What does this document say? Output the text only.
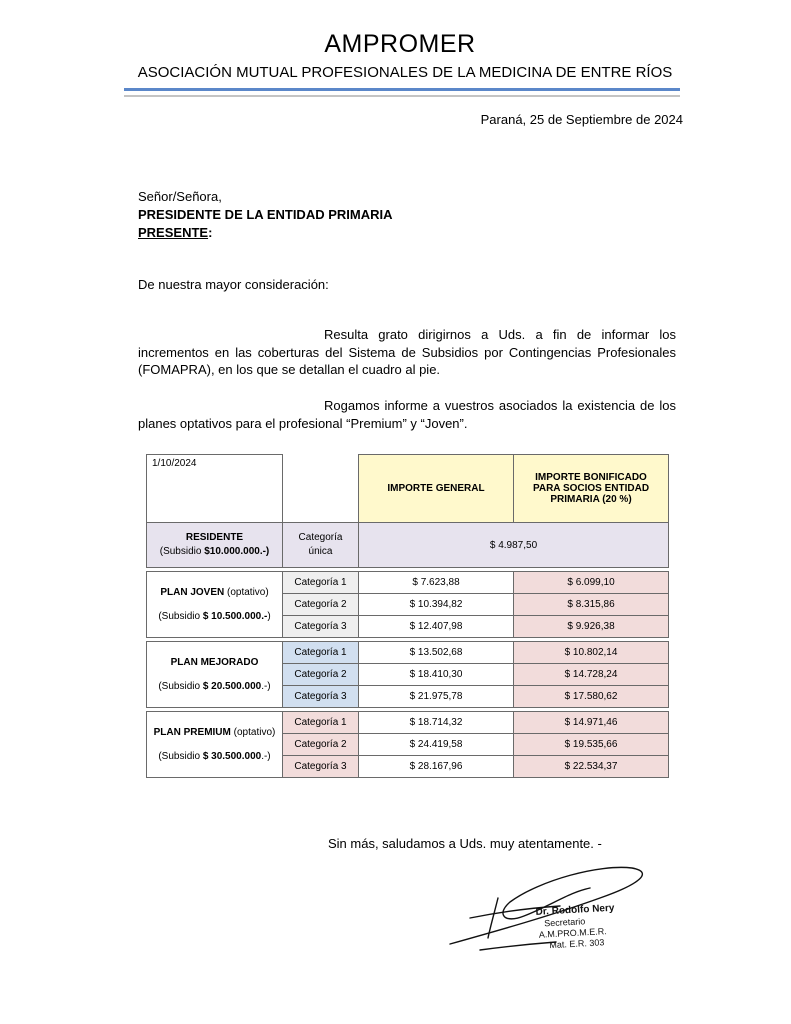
AMPROMER
ASOCIACIÓN MUTUAL PROFESIONALES DE LA MEDICINA DE ENTRE RÍOS
Paraná, 25 de Septiembre de 2024
Señor/Señora,
PRESIDENTE DE LA ENTIDAD PRIMARIA
PRESENTE:
De nuestra mayor consideración:
Resulta grato dirigirnos a Uds. a fin de informar los incrementos en las coberturas del Sistema de Subsidios por Contingencias Profesionales (FOMAPRA), en los que se detallan el cuadro al pie.
Rogamos informe a vuestros asociados la existencia de los planes optativos para el profesional “Premium” y “Joven”.
1/10/2024		IMPORTE GENERAL	IMPORTE BONIFICADO PARA SOCIOS ENTIDAD PRIMARIA (20 %)

RESIDENTE
(Subsidio $10.000.000.-)	Categoría única	$ 4.987,50	

PLAN JOVEN (optativo)
(Subsidio $ 10.500.000.-)	Categoría 1	$ 7.623,88	$ 6.099,10
	Categoría 2	$ 10.394,82	$ 8.315,86
	Categoría 3	$ 12.407,98	$ 9.926,38

PLAN MEJORADO
(Subsidio $ 20.500.000.-)	Categoría 1	$ 13.502,68	$ 10.802,14
	Categoría 2	$ 18.410,30	$ 14.728,24
	Categoría 3	$ 21.975,78	$ 17.580,62

PLAN PREMIUM (optativo)
(Subsidio $ 30.500.000.-)	Categoría 1	$ 18.714,32	$ 14.971,46
	Categoría 2	$ 24.419,58	$ 19.535,66
	Categoría 3	$ 28.167,96	$ 22.534,37
Sin más, saludamos a Uds. muy atentamente. -
Dr. Rodolfo Nery
Secretario
A.M.PRO.M.E.R.
Mat. E.R. 303
